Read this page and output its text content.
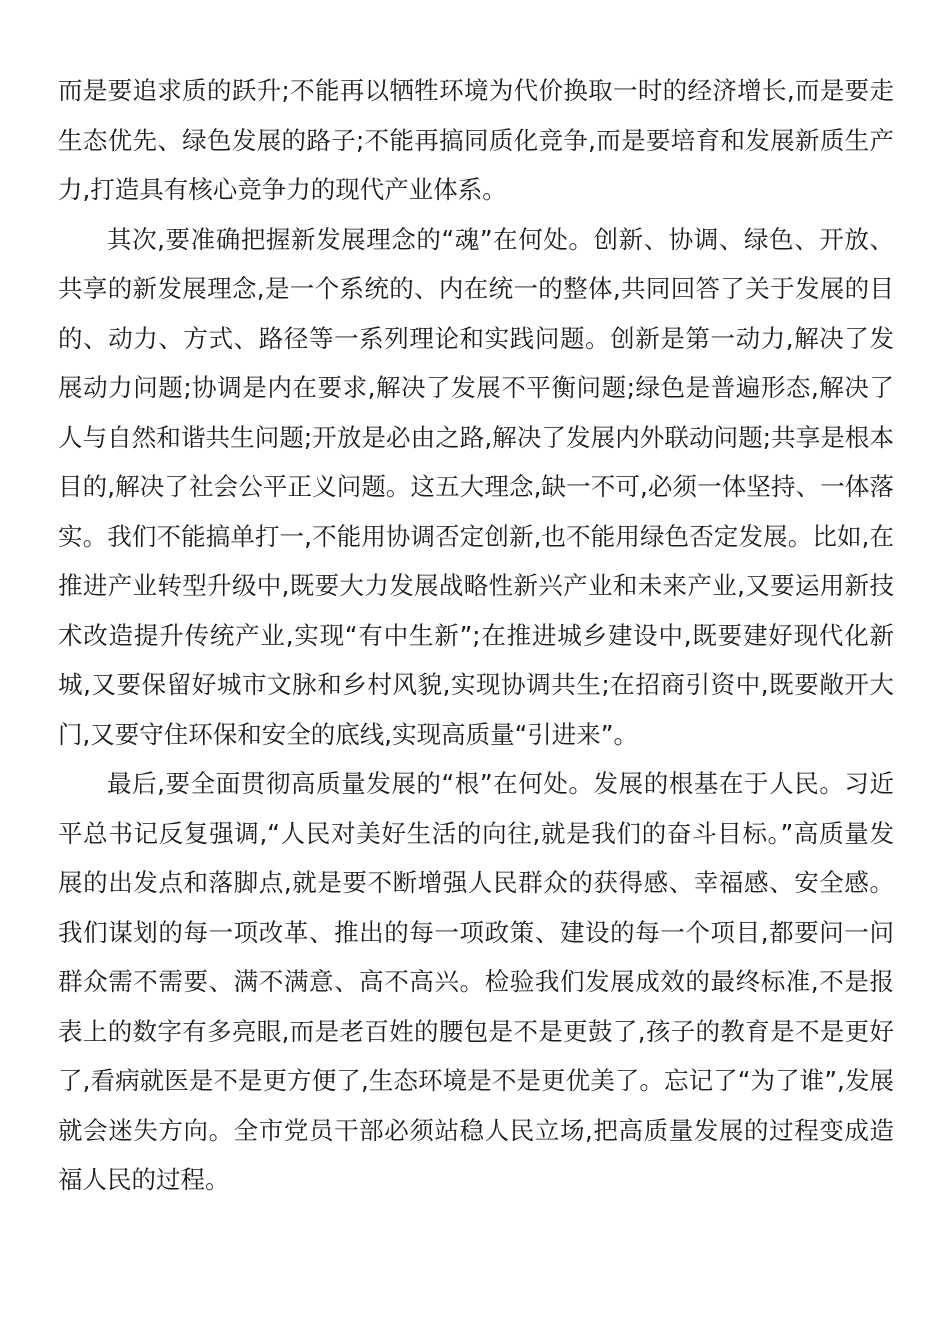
而是要追求质的跃升;不能再以牺牲环境为代价换取一时的经济增长,而是要走生态优先、绿色发展的路子;不能再搞同质化竞争,而是要培育和发展新质生产力,打造具有核心竞争力的现代产业体系。

其次,要准确把握新发展理念的“魂”在何处。创新、协调、绿色、开放、共享的新发展理念,是一个系统的、内在统一的整体,共同回答了关于发展的目的、动力、方式、路径等一系列理论和实践问题。创新是第一动力,解决了发展动力问题;协调是内在要求,解决了发展不平衡问题;绿色是普遍形态,解决了人与自然和谐共生问题;开放是必由之路,解决了发展内外联动问题;共享是根本目的,解决了社会公平正义问题。这五大理念,缺一不可,必须一体坚持、一体落实。我们不能搞单打一,不能用协调否定创新,也不能用绿色否定发展。比如,在推进产业转型升级中,既要大力发展战略性新兴产业和未来产业,又要运用新技术改造提升传统产业,实现“有中生新”;在推进城乡建设中,既要建好现代化新城,又要保留好城市文脉和乡村风貌,实现协调共生;在招商引资中,既要敞开大门,又要守住环保和安全的底线,实现高质量“引进来”。

最后,要全面贯彻高质量发展的“根”在何处。发展的根基在于人民。习近平总书记反复强调,“人民对美好生活的向往,就是我们的奋斗目标。”高质量发展的出发点和落脚点,就是要不断增强人民群众的获得感、幸福感、安全感。我们谋划的每一项改革、推出的每一项政策、建设的每一个项目,都要问一问群众需不需要、满不满意、高不高兴。检验我们发展成效的最终标准,不是报表上的数字有多亮眼,而是老百姓的腰包是不是更鼓了,孩子的教育是不是更好了,看病就医是不是更方便了,生态环境是不是更优美了。忘记了“为了谁”,发展就会迷失方向。全市党员干部必须站稳人民立场,把高质量发展的过程变成造福人民的过程。
